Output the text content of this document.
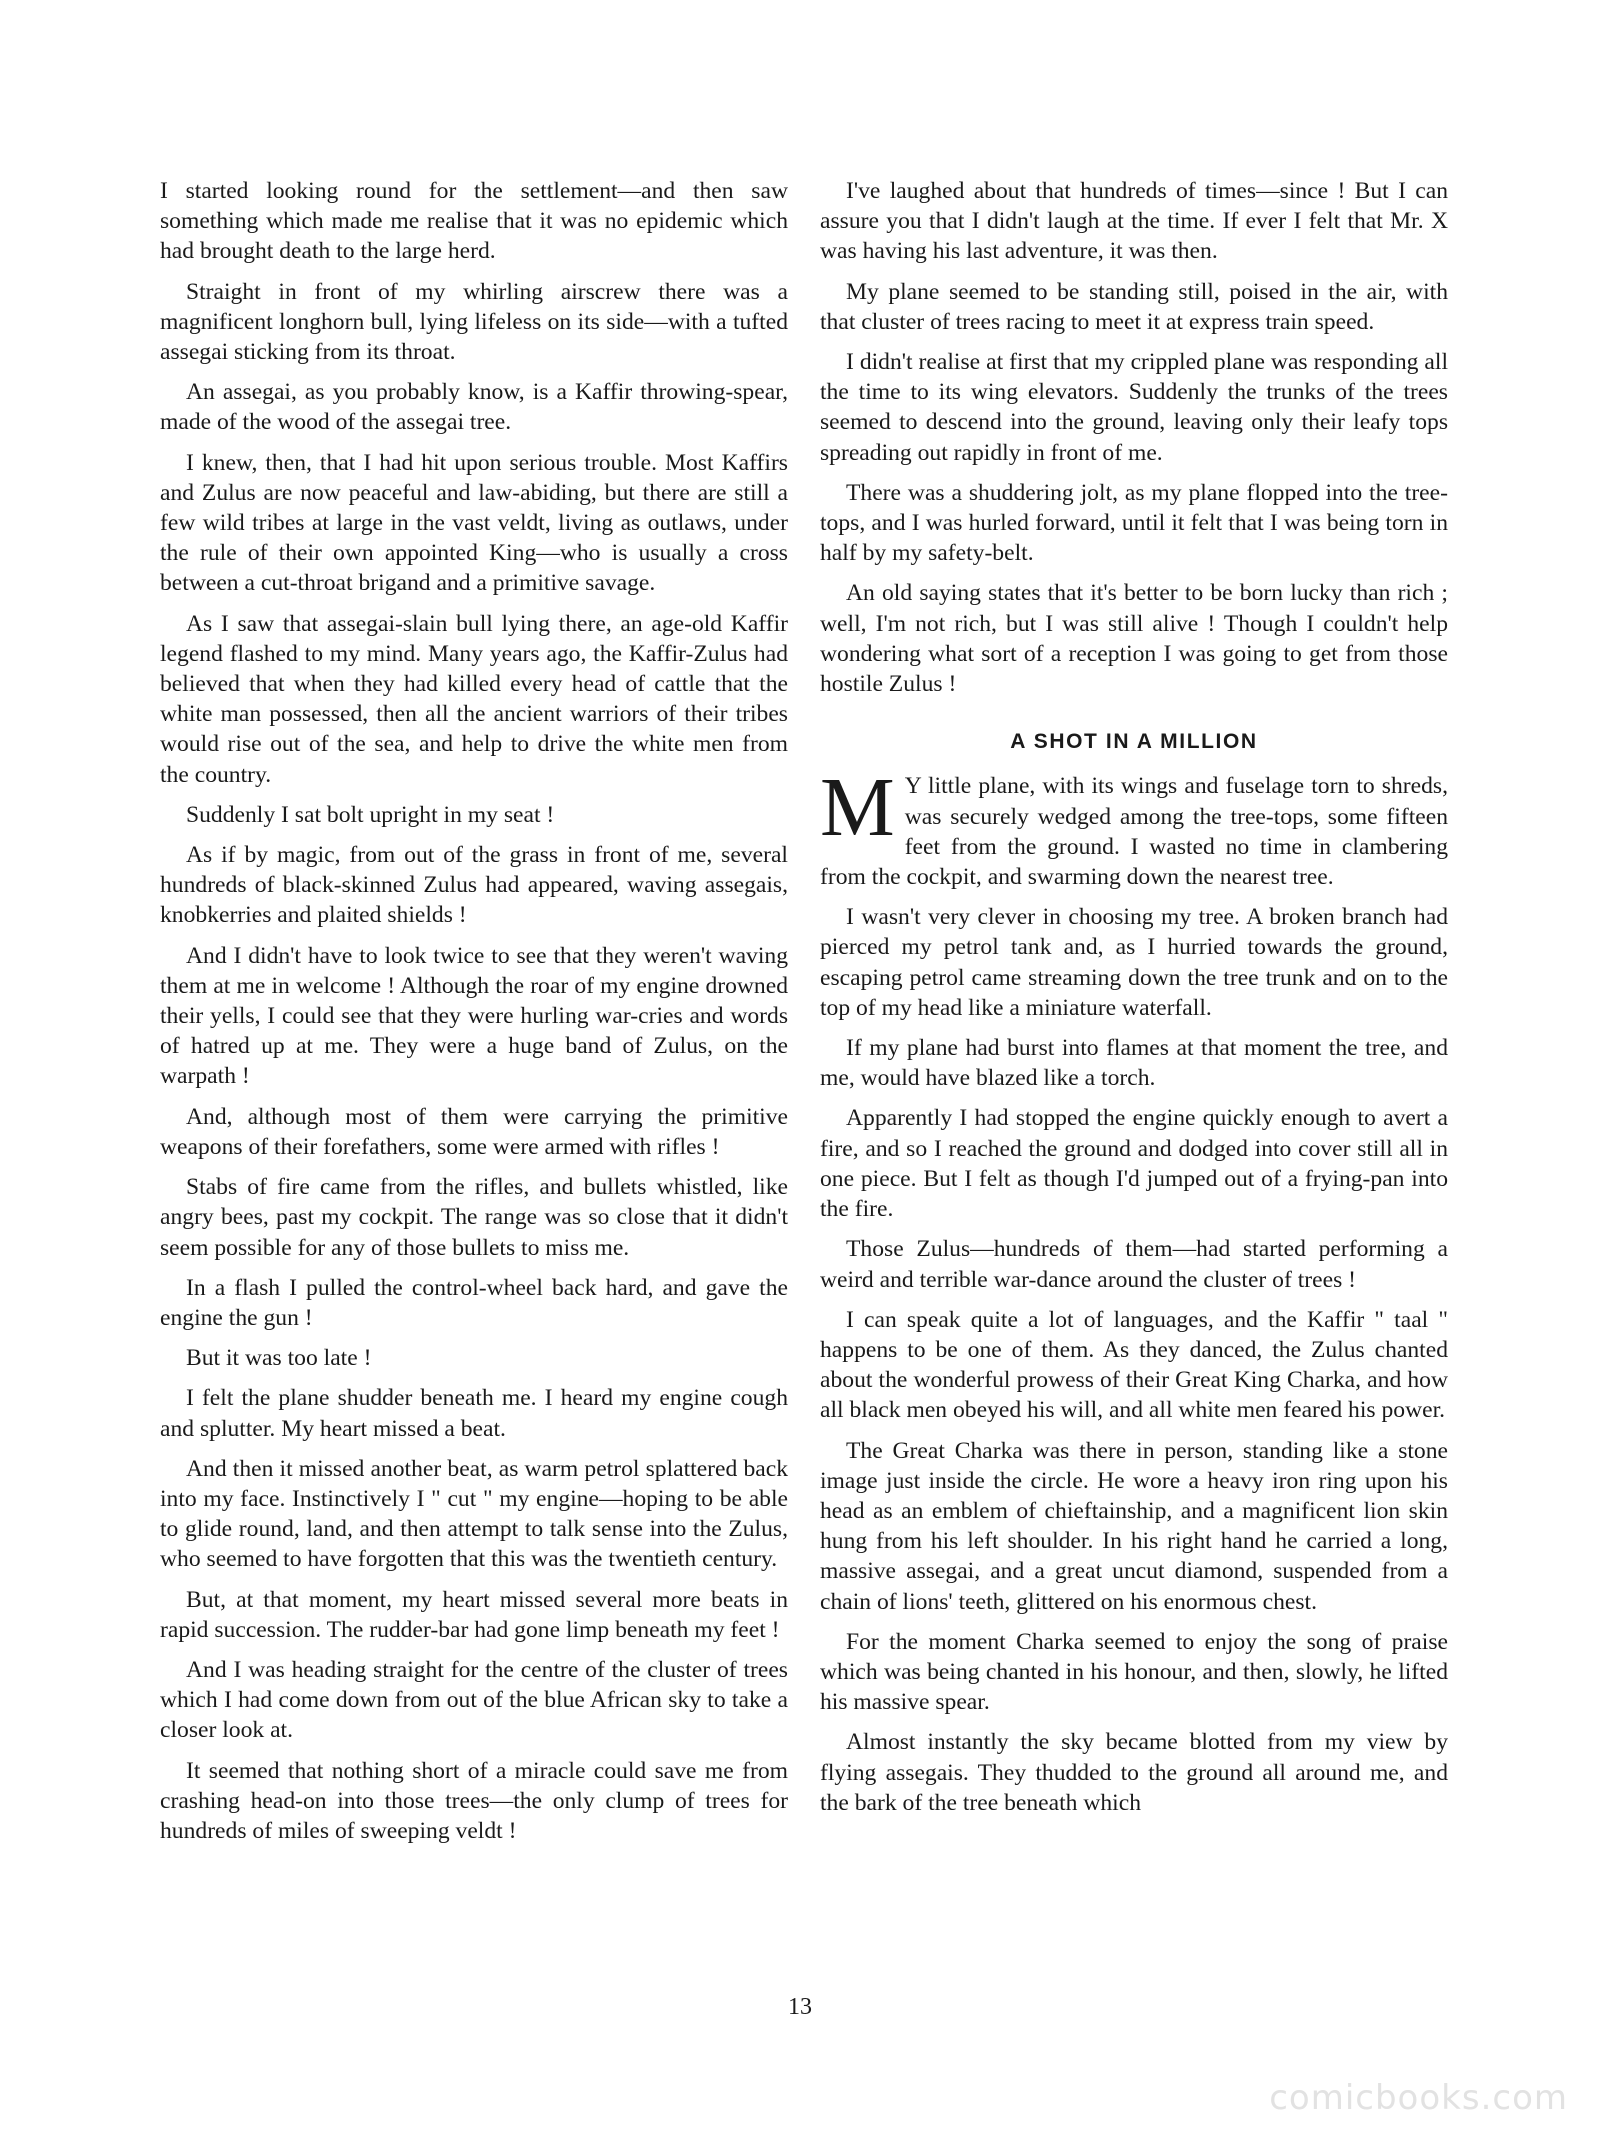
I started looking round for the settlement—and then saw something which made me realise that it was no epidemic which had brought death to the large herd.

Straight in front of my whirling airscrew there was a magnificent longhorn bull, lying lifeless on its side—with a tufted assegai sticking from its throat.

An assegai, as you probably know, is a Kaffir throwing-spear, made of the wood of the assegai tree.

I knew, then, that I had hit upon serious trouble. Most Kaffirs and Zulus are now peaceful and law-abiding, but there are still a few wild tribes at large in the vast veldt, living as outlaws, under the rule of their own appointed King—who is usually a cross between a cut-throat brigand and a primitive savage.

As I saw that assegai-slain bull lying there, an age-old Kaffir legend flashed to my mind. Many years ago, the Kaffir-Zulus had believed that when they had killed every head of cattle that the white man possessed, then all the ancient warriors of their tribes would rise out of the sea, and help to drive the white men from the country.

Suddenly I sat bolt upright in my seat !

As if by magic, from out of the grass in front of me, several hundreds of black-skinned Zulus had appeared, waving assegais, knobkerries and plaited shields !

And I didn't have to look twice to see that they weren't waving them at me in welcome ! Although the roar of my engine drowned their yells, I could see that they were hurling war-cries and words of hatred up at me. They were a huge band of Zulus, on the warpath !

And, although most of them were carrying the primitive weapons of their forefathers, some were armed with rifles !

Stabs of fire came from the rifles, and bullets whistled, like angry bees, past my cockpit. The range was so close that it didn't seem possible for any of those bullets to miss me.

In a flash I pulled the control-wheel back hard, and gave the engine the gun !

But it was too late !

I felt the plane shudder beneath me. I heard my engine cough and splutter. My heart missed a beat.

And then it missed another beat, as warm petrol splattered back into my face. Instinctively I " cut " my engine—hoping to be able to glide round, land, and then attempt to talk sense into the Zulus, who seemed to have forgotten that this was the twentieth century.

But, at that moment, my heart missed several more beats in rapid succession. The rudder-bar had gone limp beneath my feet !

And I was heading straight for the centre of the cluster of trees which I had come down from out of the blue African sky to take a closer look at.

It seemed that nothing short of a miracle could save me from crashing head-on into those trees—the only clump of trees for hundreds of miles of sweeping veldt !

I've laughed about that hundreds of times—since ! But I can assure you that I didn't laugh at the time. If ever I felt that Mr. X was having his last adventure, it was then.

My plane seemed to be standing still, poised in the air, with that cluster of trees racing to meet it at express train speed.

I didn't realise at first that my crippled plane was responding all the time to its wing elevators. Suddenly the trunks of the trees seemed to descend into the ground, leaving only their leafy tops spreading out rapidly in front of me.

There was a shuddering jolt, as my plane flopped into the tree-tops, and I was hurled forward, until it felt that I was being torn in half by my safety-belt.

An old saying states that it's better to be born lucky than rich ; well, I'm not rich, but I was still alive ! Though I couldn't help wondering what sort of a reception I was going to get from those hostile Zulus !

A SHOT IN A MILLION

M Y little plane, with its wings and fuselage torn to shreds, was securely wedged among the tree-tops, some fifteen feet from the ground. I wasted no time in clambering from the cockpit, and swarming down the nearest tree.

I wasn't very clever in choosing my tree. A broken branch had pierced my petrol tank and, as I hurried towards the ground, escaping petrol came streaming down the tree trunk and on to the top of my head like a miniature waterfall.

If my plane had burst into flames at that moment the tree, and me, would have blazed like a torch.

Apparently I had stopped the engine quickly enough to avert a fire, and so I reached the ground and dodged into cover still all in one piece. But I felt as though I'd jumped out of a frying-pan into the fire.

Those Zulus—hundreds of them—had started performing a weird and terrible war-dance around the cluster of trees !

I can speak quite a lot of languages, and the Kaffir " taal " happens to be one of them. As they danced, the Zulus chanted about the wonderful prowess of their Great King Charka, and how all black men obeyed his will, and all white men feared his power.

The Great Charka was there in person, standing like a stone image just inside the circle. He wore a heavy iron ring upon his head as an emblem of chieftainship, and a magnificent lion skin hung from his left shoulder. In his right hand he carried a long, massive assegai, and a great uncut diamond, suspended from a chain of lions' teeth, glittered on his enormous chest.

For the moment Charka seemed to enjoy the song of praise which was being chanted in his honour, and then, slowly, he lifted his massive spear.

Almost instantly the sky became blotted from my view by flying assegais. They thudded to the ground all around me, and the bark of the tree beneath which

13
comicbooks.com
